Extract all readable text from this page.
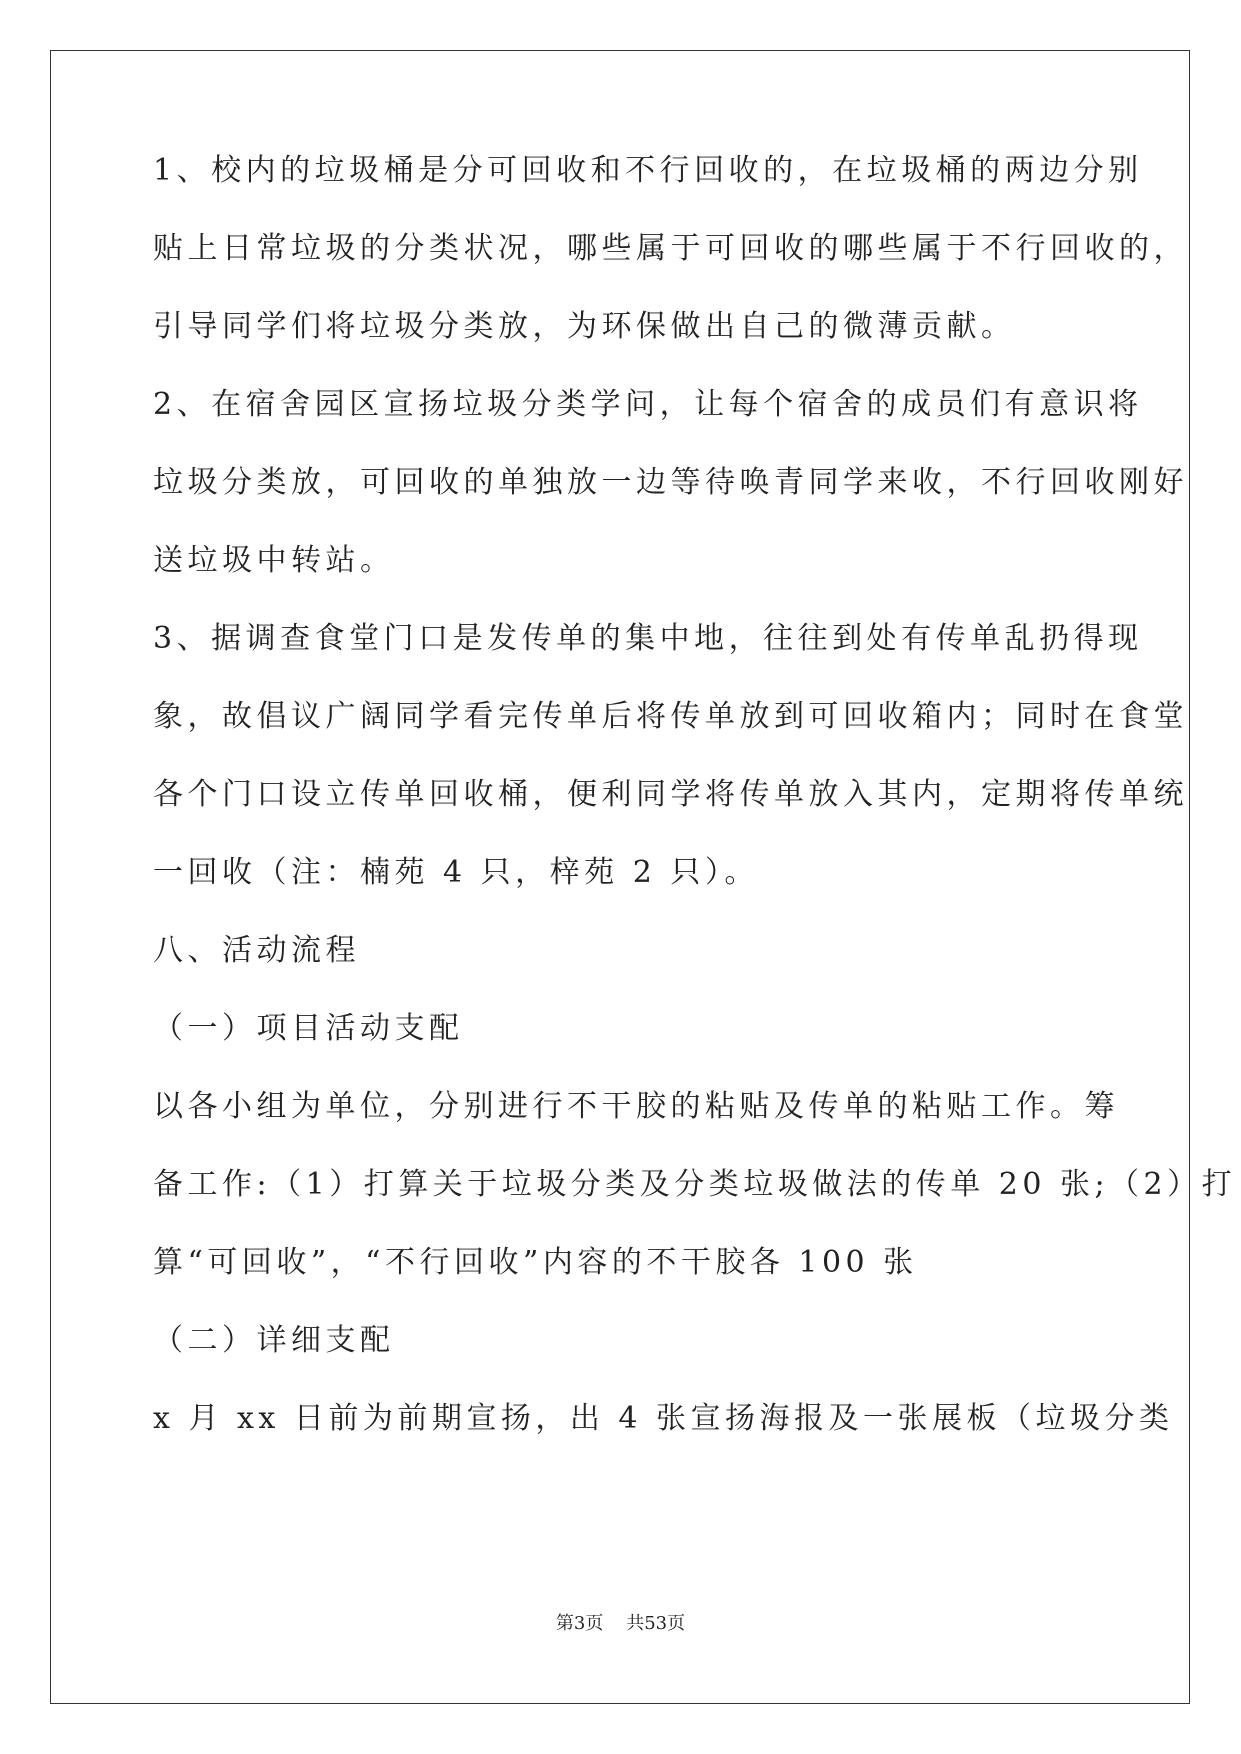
1、校内的垃圾桶是分可回收和不行回收的，在垃圾桶的两边分别

贴上日常垃圾的分类状况，哪些属于可回收的哪些属于不行回收的，

引导同学们将垃圾分类放，为环保做出自己的微薄贡献。

2、在宿舍园区宣扬垃圾分类学问，让每个宿舍的成员们有意识将

垃圾分类放，可回收的单独放一边等待唤青同学来收，不行回收刚好

送垃圾中转站。

3、据调查食堂门口是发传单的集中地，往往到处有传单乱扔得现

象，故倡议广阔同学看完传单后将传单放到可回收箱内；同时在食堂

各个门口设立传单回收桶，便利同学将传单放入其内，定期将传单统

一回收（注：楠苑 4 只，梓苑 2 只）。

八、活动流程

（一）项目活动支配

以各小组为单位，分别进行不干胶的粘贴及传单的粘贴工作。筹

备工作:（1）打算关于垃圾分类及分类垃圾做法的传单 20 张;（2）打

算“可回收”，“不行回收”内容的不干胶各 100 张

（二）详细支配

x 月 xx 日前为前期宣扬，出 4 张宣扬海报及一张展板（垃圾分类

第3页 共53页
